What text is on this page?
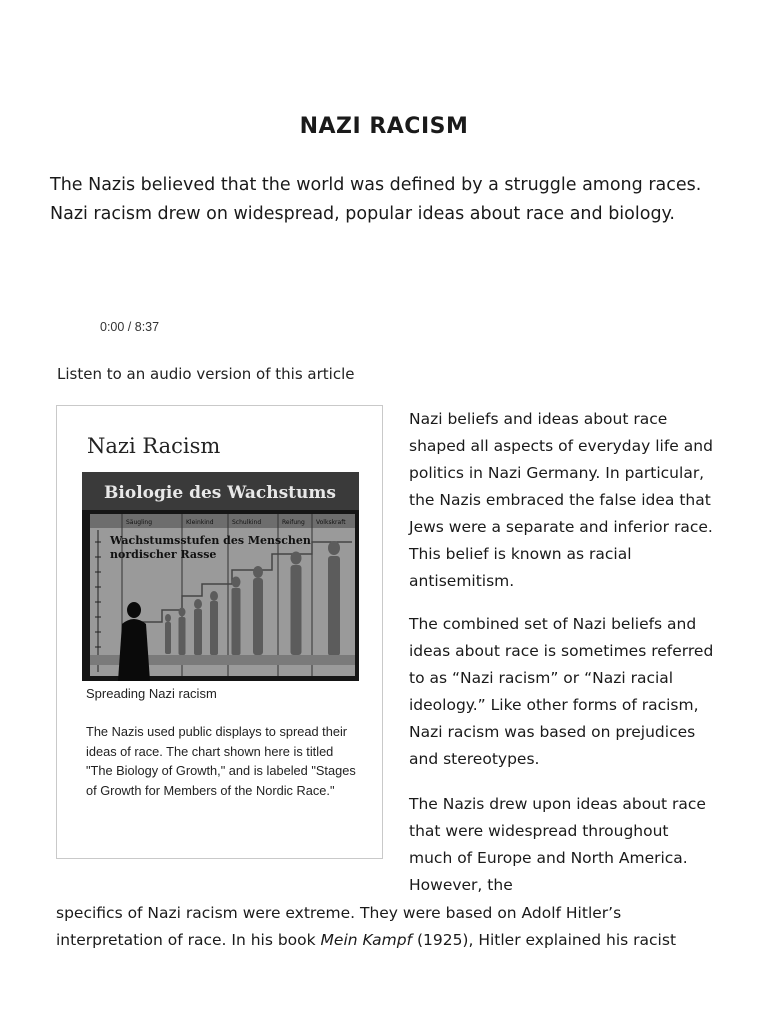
NAZI RACISM
The Nazis believed that the world was defined by a struggle among races. Nazi racism drew on widespread, popular ideas about race and biology.
0:00 / 8:37
Listen to an audio version of this article
Nazi Racism
Biologie des Wachstums
Säugling	Kleinkind	Schulkind	Reifung Volkskraft
Wachstumsstufen des Menschen
nordischer Rasse
Spreading Nazi racism
The Nazis used public displays to spread their ideas of race. The chart shown here is titled "The Biology of Growth," and is labeled "Stages of Growth for Members of the Nordic Race."
Nazi beliefs and ideas about race shaped all aspects of everyday life and politics in Nazi Germany. In particular, the Nazis embraced the false idea that Jews were a separate and inferior race. This belief is known as racial antisemitism.
The combined set of Nazi beliefs and ideas about race is sometimes referred to as “Nazi racism” or “Nazi racial ideology.” Like other forms of racism, Nazi racism was based on prejudices and stereotypes.
The Nazis drew upon ideas about race that were widespread throughout much of Europe and North America. However, the
specifics of Nazi racism were extreme. They were based on Adolf Hitler’s
interpretation of race. In his book Mein Kampf (1925), Hitler explained his racist
